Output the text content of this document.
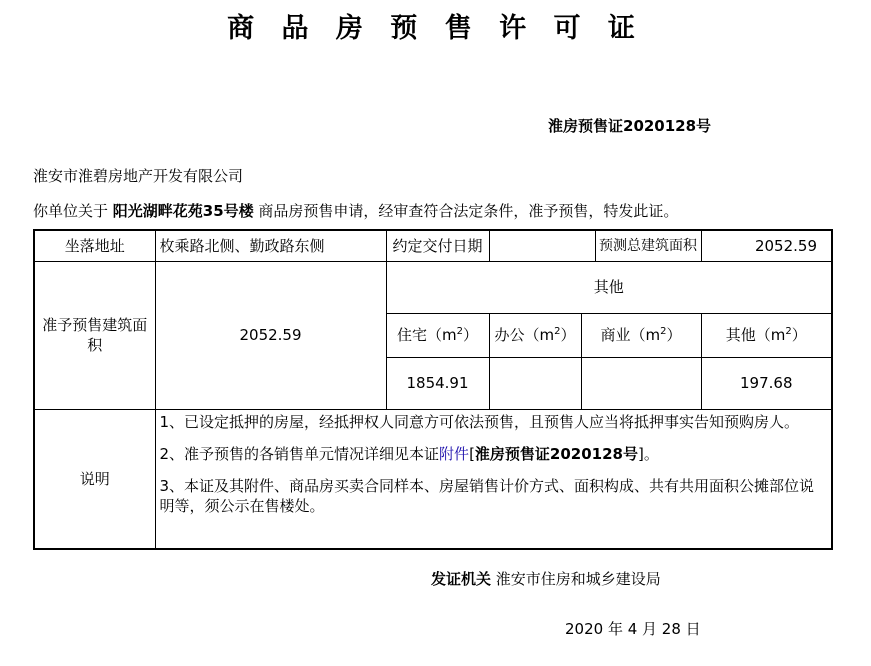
商 品 房 预 售 许 可 证
淮房预售证2020128号
淮安市淮碧房地产开发有限公司
你单位关于 阳光湖畔花苑35号楼 商品房预售申请，经审查符合法定条件，准予预售，特发此证。
坐落地址	枚乘路北侧、勤政路东侧	约定交付日期			预测总建筑面积	2052.59
准予预售建筑面积	2052.59	其他				
		住宅$(m^2)$	办公$(m^2)$	商业$(m^2)$		其他$(m^2)$
		1854.91				197.68
说明	1、已设定抵押的房屋，经抵押权人同意方可依法预售，且预售人应当将抵押事实告知预购房人。

2、准予预售的各销售单元情况详细见本证附件[淮房预售证2020128号]。

3、本证及其附件、商品房买卖合同样本、房屋销售计价方式、面积构成、共有共用面积公摊部位说明等，须公示在售楼处。					

发证机关 淮安市住房和城乡建设局
2020 年 4 月 28 日
